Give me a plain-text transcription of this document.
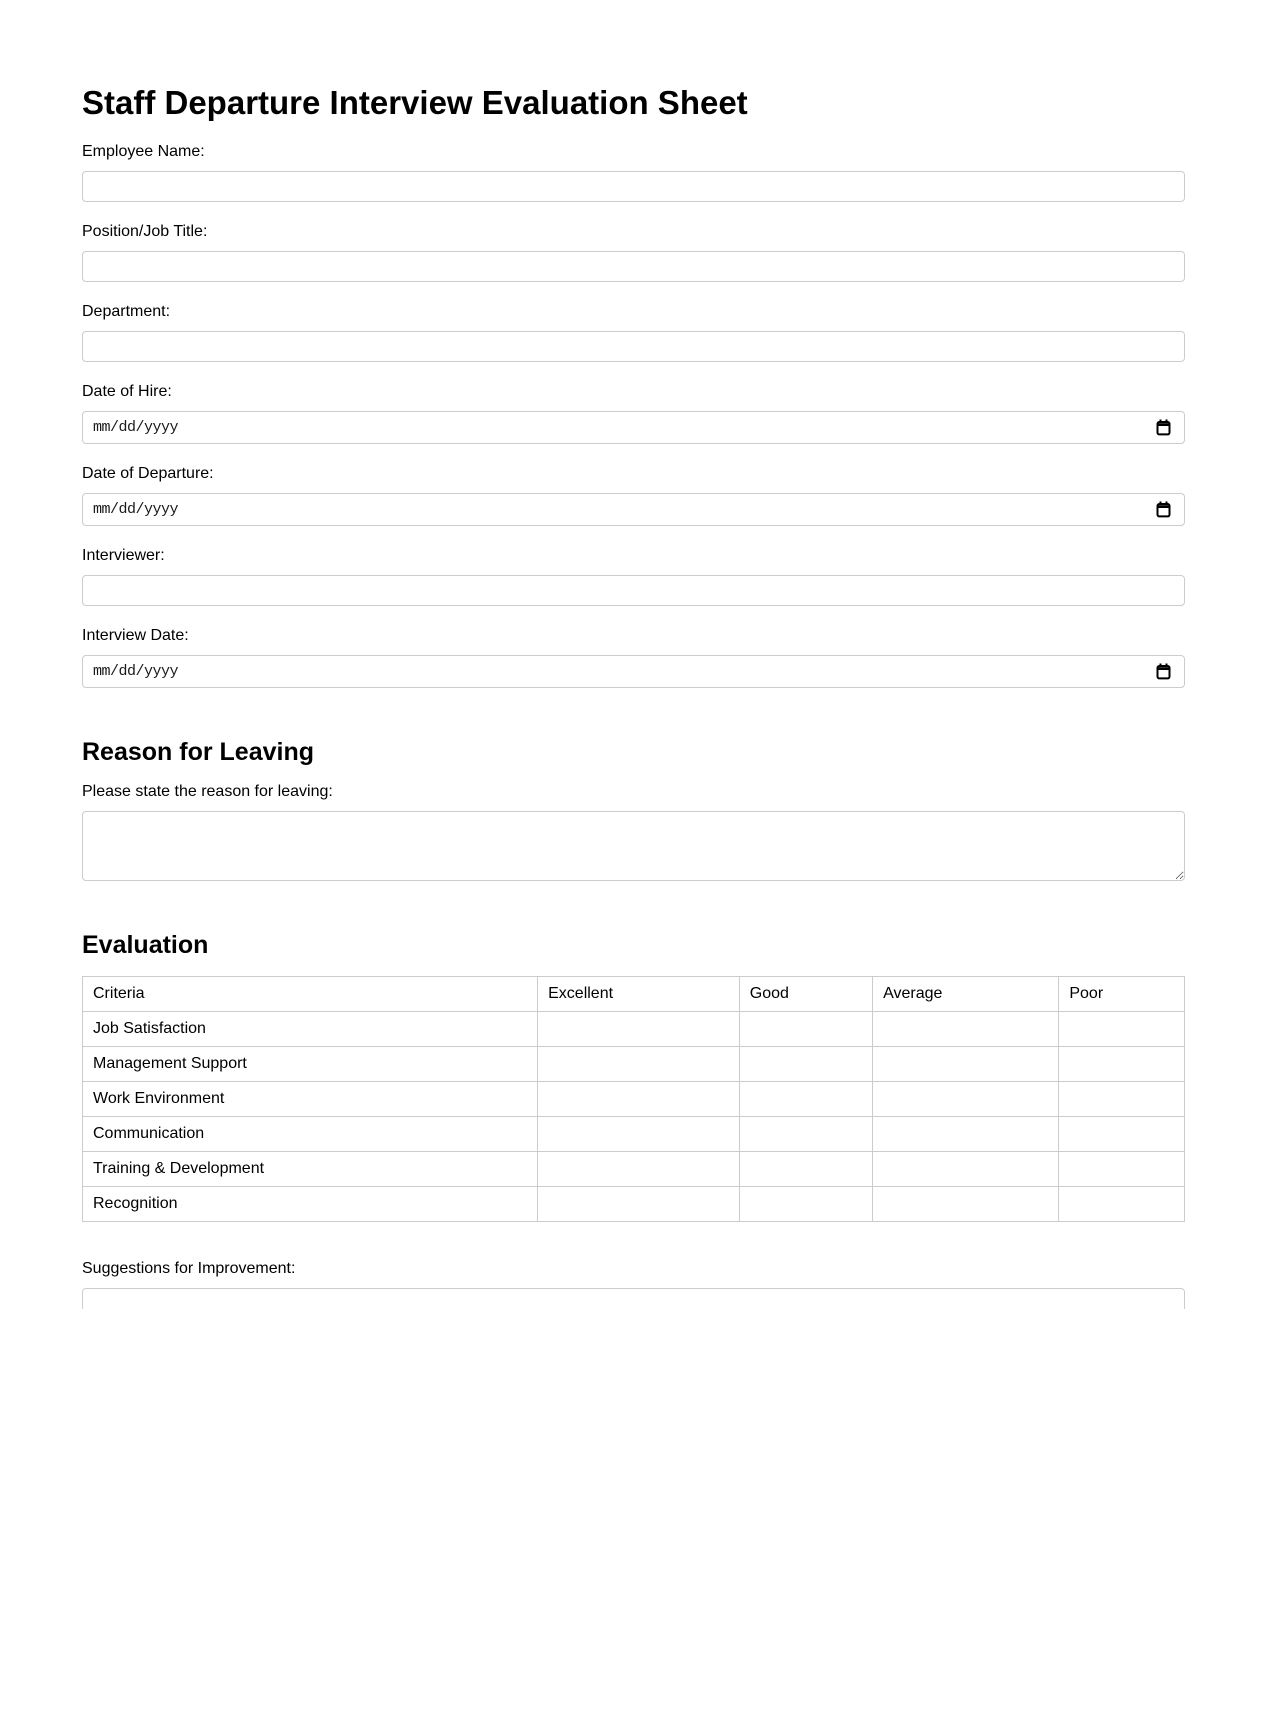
Staff Departure Interview Evaluation Sheet
Employee Name:
Position/Job Title:
Department:
Date of Hire:
mm/dd/yyyy
Date of Departure:
mm/dd/yyyy
Interviewer:
Interview Date:
mm/dd/yyyy
Reason for Leaving
Please state the reason for leaving:
Evaluation
Criteria	Excellent	Good	Average	Poor
Job Satisfaction				
Management Support				
Work Environment				
Communication				
Training & Development				
Recognition				
Suggestions for Improvement:
